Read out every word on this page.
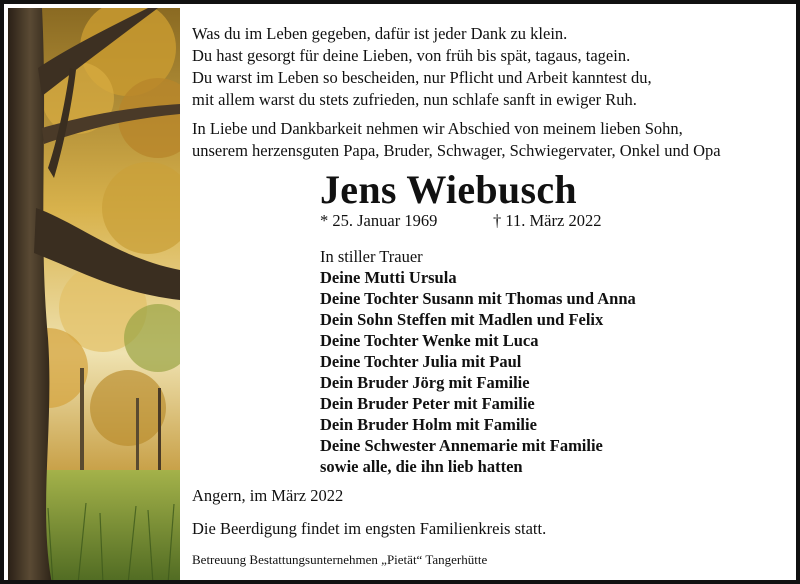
Was du im Leben gegeben, dafür ist jeder Dank zu klein.
Du hast gesorgt für deine Lieben, von früh bis spät, tagaus, tagein.
Du warst im Leben so bescheiden, nur Pflicht und Arbeit kanntest du,
mit allem warst du stets zufrieden, nun schlafe sanft in ewiger Ruh.
In Liebe und Dankbarkeit nehmen wir Abschied von meinem lieben Sohn,
unserem herzensguten Papa, Bruder, Schwager, Schwiegervater, Onkel und Opa
Jens Wiebusch
* 25. Januar 1969	† 11. März 2022
In stiller Trauer
Deine Mutti Ursula
Deine Tochter Susann mit Thomas und Anna
Dein Sohn Steffen mit Madlen und Felix
Deine Tochter Wenke mit Luca
Deine Tochter Julia mit Paul
Dein Bruder Jörg mit Familie
Dein Bruder Peter mit Familie
Dein Bruder Holm mit Familie
Deine Schwester Annemarie mit Familie
sowie alle, die ihn lieb hatten
Angern, im März 2022
Die Beerdigung findet im engsten Familienkreis statt.
Betreuung Bestattungsunternehmen „Pietät“ Tangerhütte
